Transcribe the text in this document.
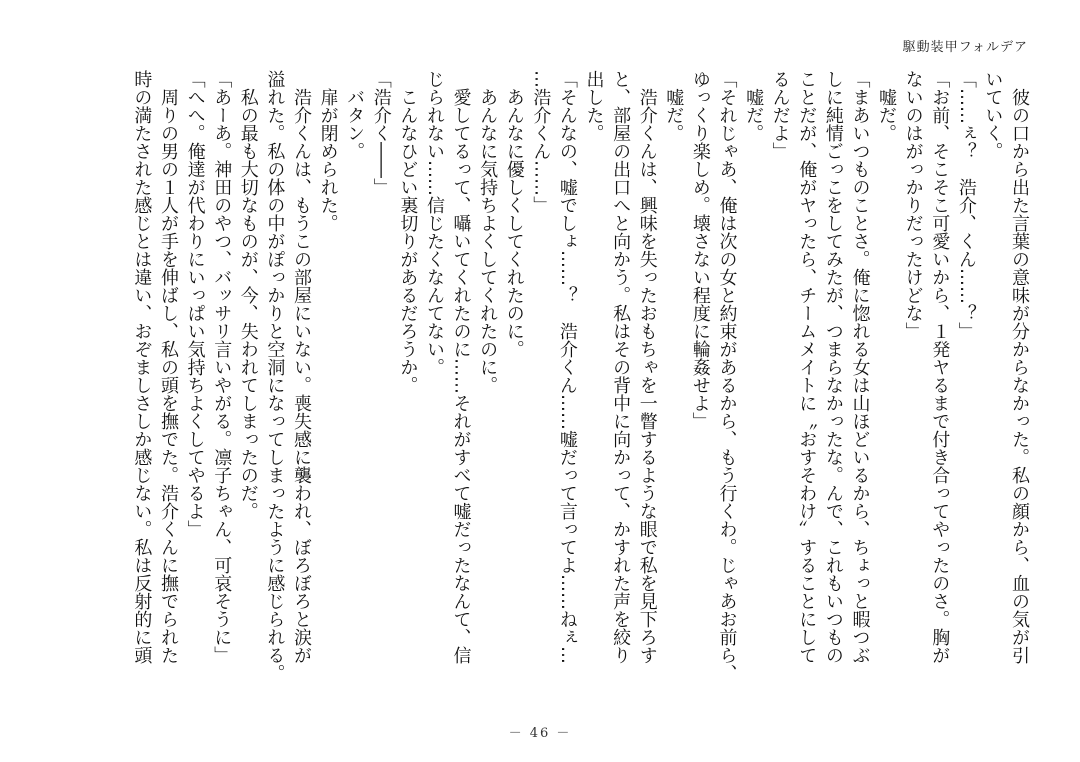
駆動装甲フォルデア
彼の口から出た言葉の意味が分からなかった。私の顔から、血の気が引
いていく。
「……ぇ？　浩介、くん……？」
「お前、そこそこ可愛いから、１発ヤるまで付き合ってやったのさ。胸が
ないのはがっかりだったけどな」
嘘だ。
「まあいつものことさ。俺に惚れる女は山ほどいるから、ちょっと暇つぶ
しに純情ごっこをしてみたが、つまらなかったな。んで、これもいつもの
ことだが、俺がヤったら、チームメイトに〝おすそわけ〟することにして
るんだよ」
嘘だ。
「それじゃあ、俺は次の女と約束があるから、もう行くわ。じゃあお前ら、
ゆっくり楽しめ。壊さない程度に輪姦せよ」
嘘だ。
浩介くんは、興味を失ったおもちゃを一瞥するような眼で私を見下ろす
と、部屋の出口へと向かう。私はその背中に向かって、かすれた声を絞り
出した。
「そんなの、嘘でしょ……？　浩介くん……嘘だって言ってよ……ねぇ…
…浩介くん……」
あんなに優しくしてくれたのに。
あんなに気持ちよくしてくれたのに。
愛してるって、囁いてくれたのに……それがすべて嘘だったなんて、信
じられない……信じたくなんてない。
こんなひどい裏切りがあるだろうか。
「浩介く――」
バタン。
扉が閉められた。
浩介くんは、もうこの部屋にいない。喪失感に襲われ、ぼろぼろと涙が
溢れた。私の体の中がぽっかりと空洞になってしまったように感じられる。
私の最も大切なものが、今、失われてしまったのだ。
「あーあ。神田のやつ、バッサリ言いやがる。凛子ちゃん、可哀そうに」
「へへ。俺達が代わりにいっぱい気持ちよくしてやるよ」
周りの男の１人が手を伸ばし、私の頭を撫でた。浩介くんに撫でられた
時の満たされた感じとは違い、おぞましさしか感じない。私は反射的に頭
－ 46 －
